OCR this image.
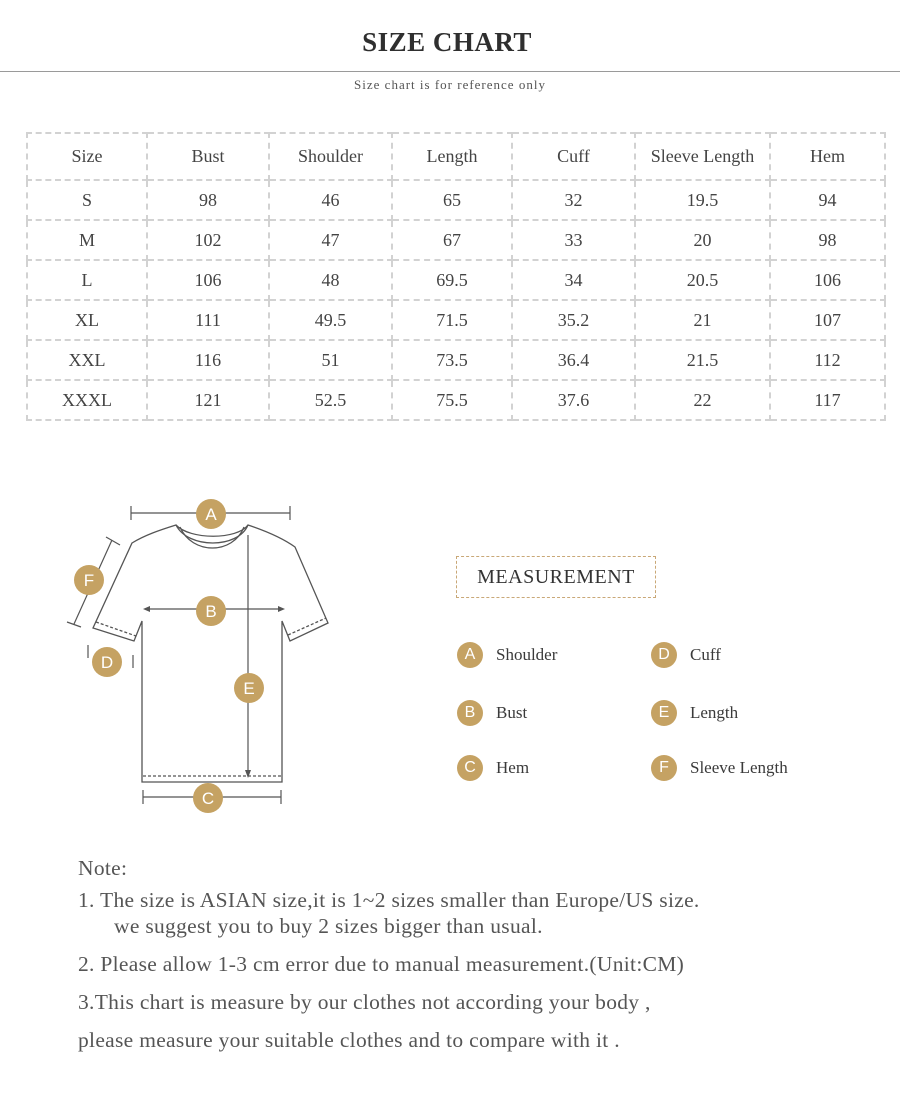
SIZE CHART
Size chart is for reference only
Size	Bust	Shoulder	Length	Cuff	Sleeve Length	Hem
S	98	46	65	32	19.5	94
M	102	47	67	33	20	98
L	106	48	69.5	34	20.5	106
XL	111	49.5	71.5	35.2	21	107
XXL	116	51	73.5	36.4	21.5	112
XXXL	121	52.5	75.5	37.6	22	117
A
B
C
D
E
F	MEASUREMENT
A	Shoulder
B	Bust
C	Hem
D	Cuff
E	Length
F	Sleeve Length
Note:
1. The size is ASIAN size,it is 1~2 sizes smaller than Europe/US size.
we suggest you to buy 2 sizes bigger than usual.
2. Please allow 1-3 cm error due to manual measurement.(Unit:CM)
3.This chart is measure by our clothes not according your body ,
please measure your suitable clothes and to compare with it .
